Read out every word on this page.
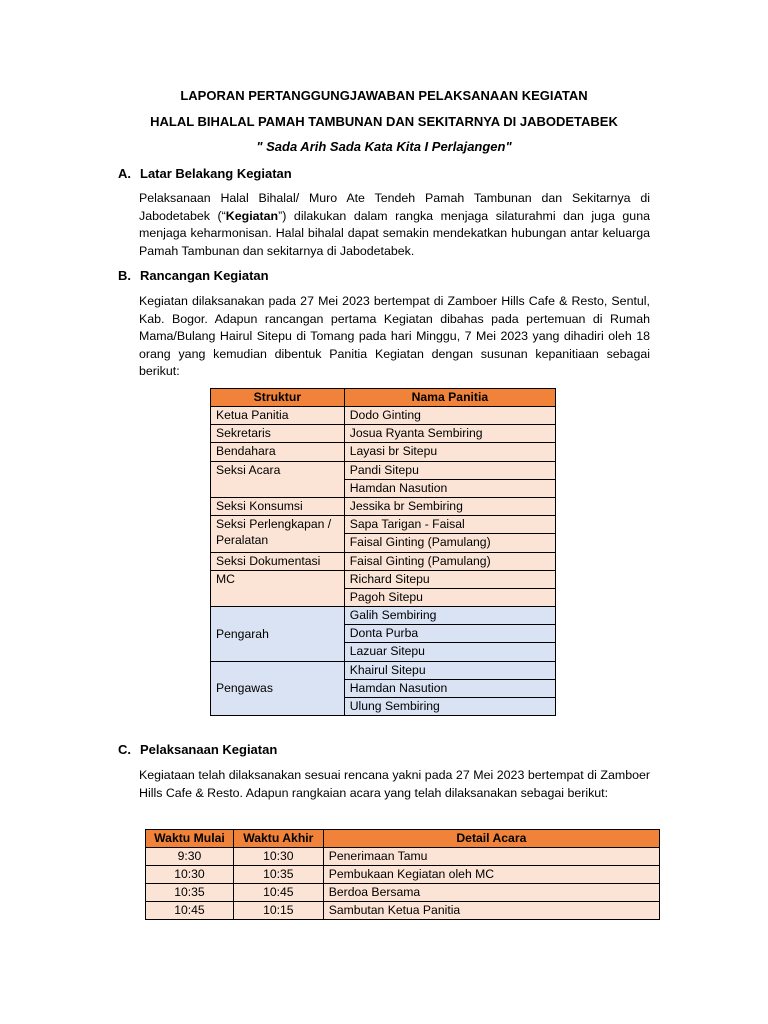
LAPORAN PERTANGGUNGJAWABAN PELAKSANAAN KEGIATAN
HALAL BIHALAL PAMAH TAMBUNAN DAN SEKITARNYA DI JABODETABEK
" Sada Arih Sada Kata Kita I Perlajangen"
A. Latar Belakang Kegiatan

Pelaksanaan Halal Bihalal/ Muro Ate Tendeh Pamah Tambunan dan Sekitarnya di Jabodetabek (“Kegiatan”) dilakukan dalam rangka menjaga silaturahmi dan juga guna menjaga keharmonisan. Halal bihalal dapat semakin mendekatkan hubungan antar keluarga Pamah Tambunan dan sekitarnya di Jabodetabek.

B. Rancangan Kegiatan

Kegiatan dilaksanakan pada 27 Mei 2023 bertempat di Zamboer Hills Cafe & Resto, Sentul, Kab. Bogor. Adapun rancangan pertama Kegiatan dibahas pada pertemuan di Rumah Mama/Bulang Hairul Sitepu di Tomang pada hari Minggu, 7 Mei 2023 yang dihadiri oleh 18 orang yang kemudian dibentuk Panitia Kegiatan dengan susunan kepanitiaan sebagai berikut:

Struktur	Nama Panitia
Ketua Panitia	Dodo Ginting
Sekretaris	Josua Ryanta Sembiring
Bendahara	Layasi br Sitepu
Seksi Acara	Pandi Sitepu
	Hamdan Nasution
Seksi Konsumsi	Jessika br Sembiring
Seksi Perlengkapan / Peralatan	Sapa Tarigan - Faisal
	Faisal Ginting (Pamulang)
Seksi Dokumentasi	Faisal Ginting (Pamulang)
MC	Richard Sitepu
	Pagoh Sitepu
Pengarah	Galih Sembiring
	Donta Purba
	Lazuar Sitepu
Pengawas	Khairul Sitepu
	Hamdan Nasution
	Ulung Sembiring
C. Pelaksanaan Kegiatan

Kegiataan telah dilaksanakan sesuai rencana yakni pada 27 Mei 2023 bertempat di Zamboer Hills Cafe & Resto. Adapun rangkaian acara yang telah dilaksanakan sebagai berikut:

Waktu Mulai	Waktu Akhir	Detail Acara
9:30	10:30	Penerimaan Tamu
10:30	10:35	Pembukaan Kegiatan oleh MC
10:35	10:45	Berdoa Bersama
10:45	10:15	Sambutan Ketua Panitia
